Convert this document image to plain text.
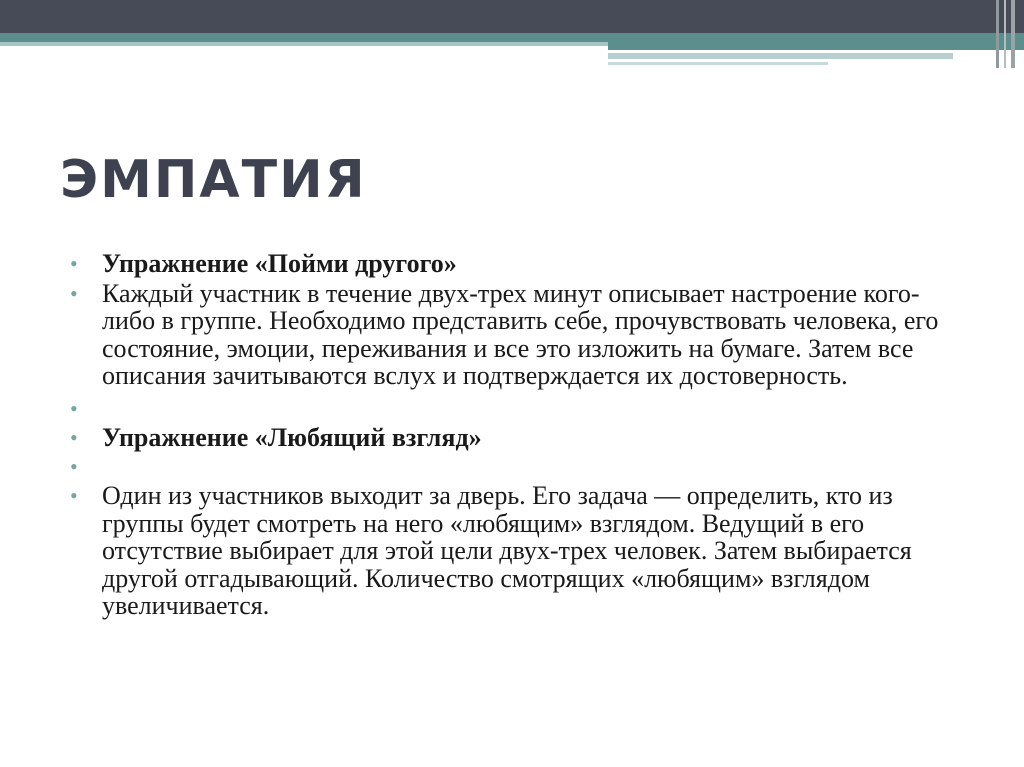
ЭМПАТИЯ
• Упражнение «Пойми другого»
• Каждый участник в течение двух-трех минут описывает настроение кого-либо в группе. Необходимо представить себе, прочувствовать человека, его состояние, эмоции, переживания и все это изложить на бумаге. Затем все описания зачитываются вслух и подтверждается их достоверность.
•
• Упражнение «Любящий взгляд»
•
• Один из участников выходит за дверь. Его задача — определить, кто из группы будет смотреть на него «любящим» взглядом. Ведущий в его отсутствие выбирает для этой цели двух-трех человек. Затем выбирается другой отгадывающий. Количество смотрящих «любящим» взглядом увеличивается.
